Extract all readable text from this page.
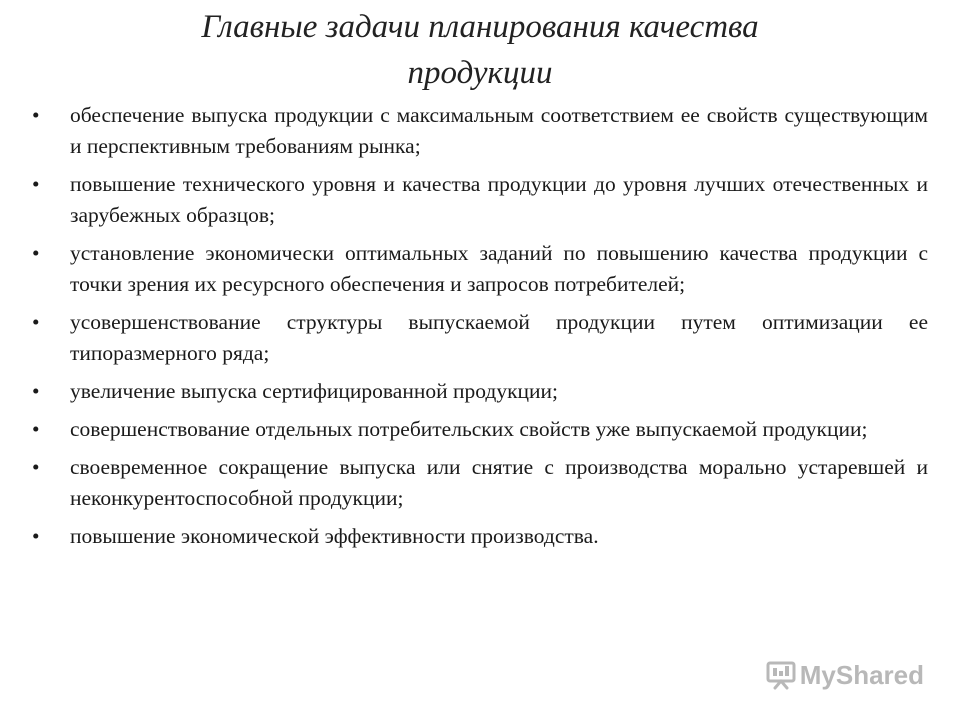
Главные задачи планирования качества
продукции
• обеспечение выпуска продукции с максимальным соответствием ее свойств существующим и перспективным требованиям рынка;
• повышение технического уровня и качества продукции до уровня лучших отечественных и зарубежных образцов;
• установление экономически оптимальных заданий по повышению качества продукции с точки зрения их ресурсного обеспечения и запросов потребителей;
• усовершенствование структуры выпускаемой продукции путем оптимизации ее типоразмерного ряда;
• увеличение выпуска сертифицированной продукции;
• совершенствование отдельных потребительских свойств уже выпускаемой продукции;
• своевременное сокращение выпуска или снятие с производства морально устаревшей и неконкурентоспособной продукции;
• повышение экономической эффективности производства.
MyShared
